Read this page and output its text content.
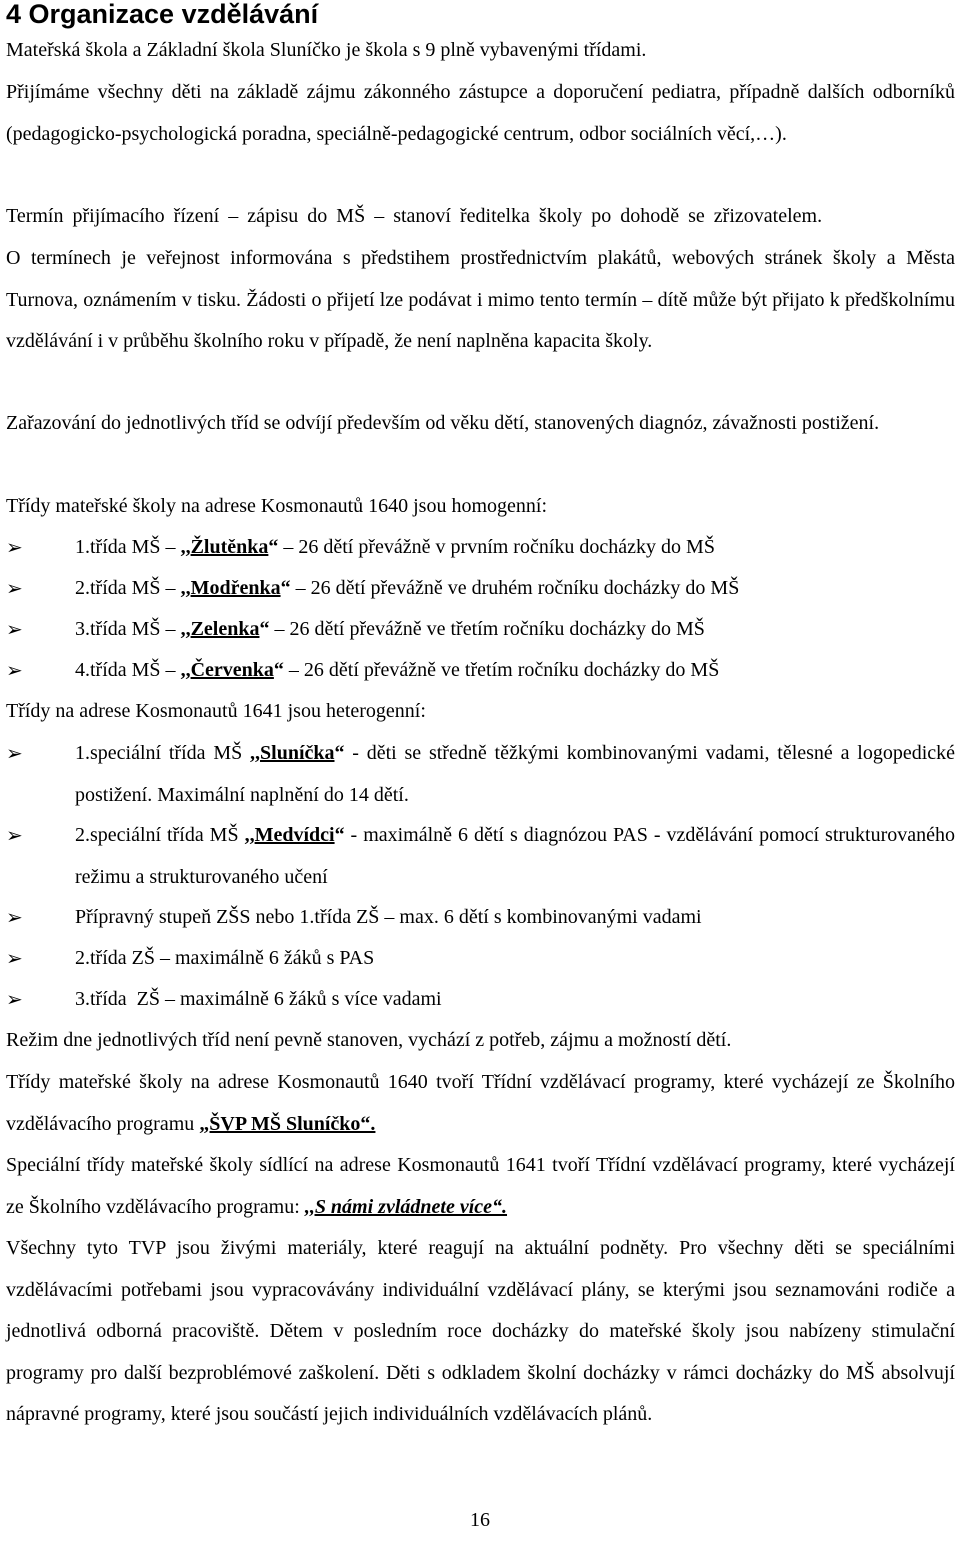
4 Organizace vzdělávání
Mateřská škola a Základní škola Sluníčko je škola s 9 plně vybavenými třídami.
Přijímáme všechny děti na základě zájmu zákonného zástupce a doporučení pediatra, případně dalších odborníků (pedagogicko-psychologická poradna, speciálně-pedagogické centrum, odbor sociálních věcí,…).
Termín přijímacího řízení – zápisu do MŠ – stanoví ředitelka školy po dohodě se zřizovatelem.
O termínech je veřejnost informována s předstihem prostřednictvím plakátů, webových stránek školy a Města Turnova, oznámením v tisku. Žádosti o přijetí lze podávat i mimo tento termín – dítě může být přijato k předškolnímu vzdělávání i v průběhu školního roku v případě, že není naplněna kapacita školy.
Zařazování do jednotlivých tříd se odvíjí především od věku dětí, stanovených diagnóz, závažnosti postižení.
Třídy mateřské školy na adrese Kosmonautů 1640 jsou homogenní:
➢	1.třída MŠ – ,,Žlutěnka“ – 26 dětí převážně v prvním ročníku docházky do MŠ
➢	2.třída MŠ – ,,Modřenka“ – 26 dětí převážně ve druhém ročníku docházky do MŠ
➢	3.třída MŠ – ,,Zelenka“ – 26 dětí převážně ve třetím ročníku docházky do MŠ
➢	4.třída MŠ – ,,Červenka“ – 26 dětí převážně ve třetím ročníku docházky do MŠ
Třídy na adrese Kosmonautů 1641 jsou heterogenní:
➢	1.speciální třída MŠ ,,Sluníčka“ - děti se středně těžkými kombinovanými vadami, tělesné a logopedické postižení. Maximální naplnění do 14 dětí.
➢	2.speciální třída MŠ ,,Medvídci“ - maximálně 6 dětí s diagnózou PAS - vzdělávání pomocí strukturovaného režimu a strukturovaného učení
➢	Přípravný stupeň ZŠS nebo 1.třída ZŠ – max. 6 dětí s kombinovanými vadami
➢	2.třída ZŠ – maximálně 6 žáků s PAS
➢	3.třída  ZŠ – maximálně 6 žáků s více vadami
Režim dne jednotlivých tříd není pevně stanoven, vychází z potřeb, zájmu a možností dětí.
Třídy mateřské školy na adrese Kosmonautů 1640 tvoří Třídní vzdělávací programy, které vycházejí ze Školního vzdělávacího programu „ŠVP MŠ Sluníčko“.
Speciální třídy mateřské školy sídlící na adrese Kosmonautů 1641 tvoří Třídní vzdělávací programy, které vycházejí ze Školního vzdělávacího programu: ,,S námi zvládnete více“.
Všechny tyto TVP jsou živými materiály, které reagují na aktuální podněty. Pro všechny děti se speciálními vzdělávacími potřebami jsou vypracovávány individuální vzdělávací plány, se kterými jsou seznamováni rodiče a jednotlivá odborná pracoviště. Dětem v posledním roce docházky do mateřské školy jsou nabízeny stimulační programy pro další bezproblémové zaškolení. Děti s odkladem školní docházky v rámci docházky do MŠ absolvují nápravné programy, které jsou součástí jejich individuálních vzdělávacích plánů.
16
